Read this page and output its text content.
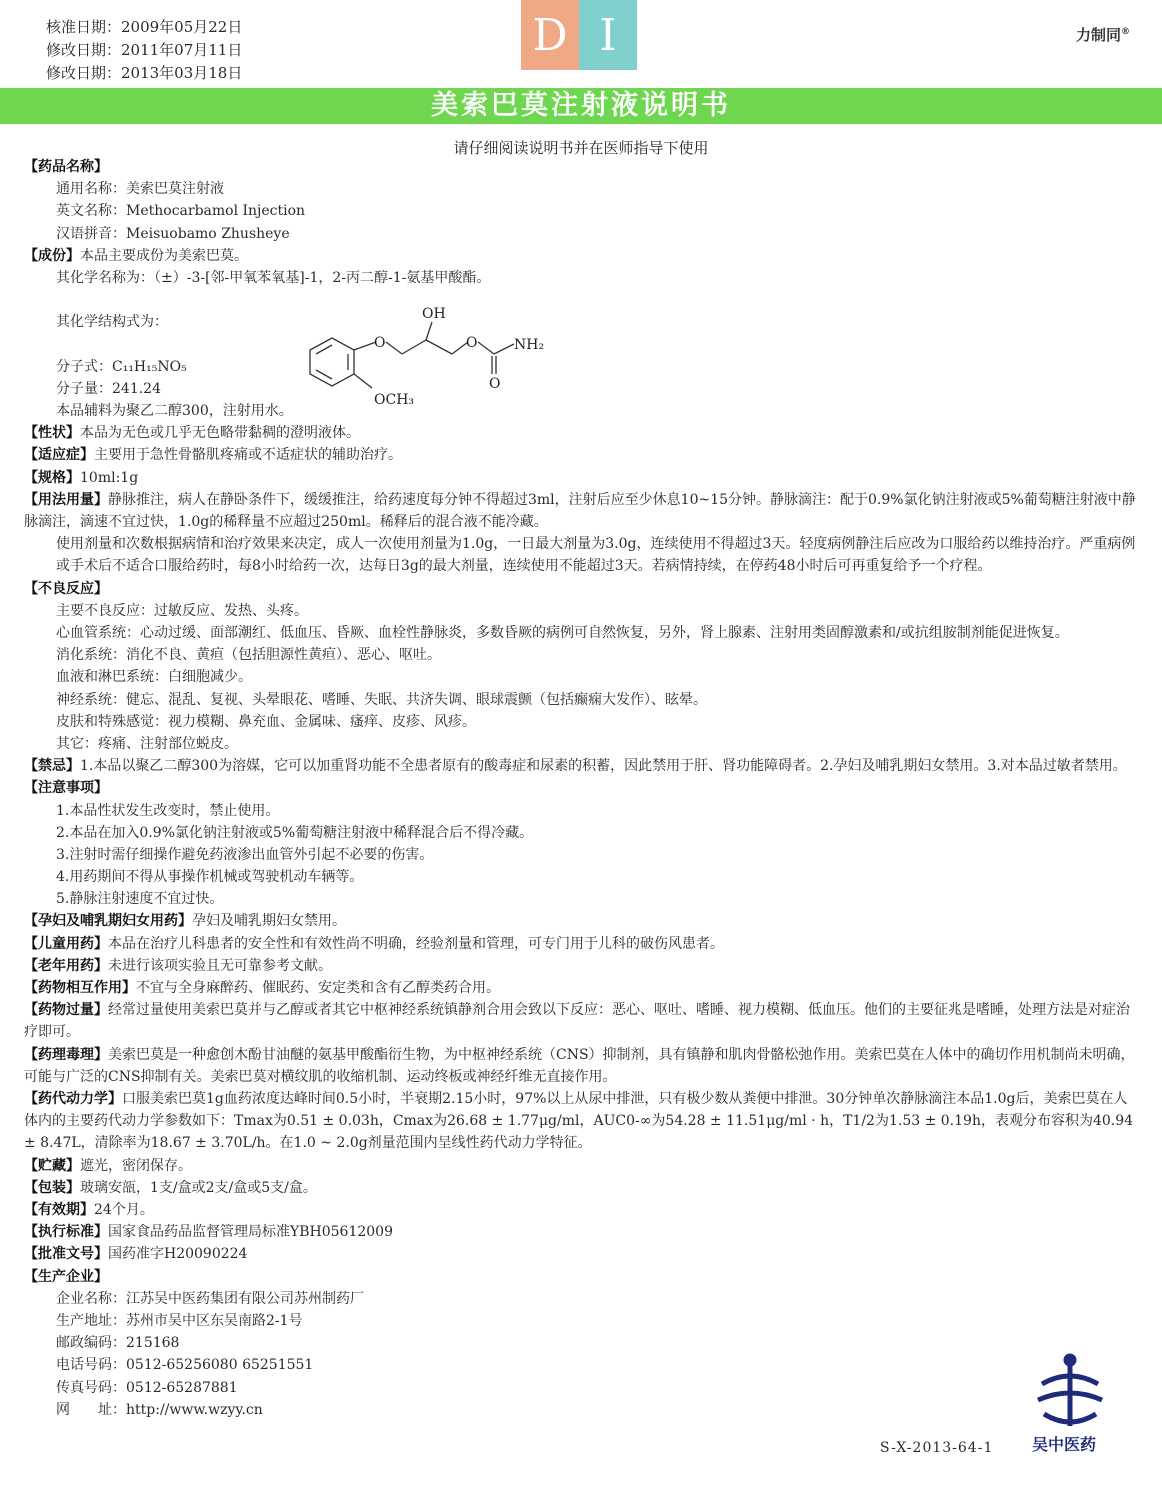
核准日期：2009年05月22日
修改日期：2011年07月11日
修改日期：2013年03月18日
D I	力制同®
美索巴莫注射液说明书
请仔细阅读说明书并在医师指导下使用
【药品名称】
通用名称：美索巴莫注射液
英文名称：Methocarbamol Injection
汉语拼音：Meisuobamo Zhusheye
【成份】本品主要成份为美索巴莫。
其化学名称为：（±）-3-[邻-甲氧苯氧基]-1，2-丙二醇-1-氨基甲酸酯。
其化学结构式为：
分子式：C₁₁H₁₅NO₅
分子量：241.24
本品辅料为聚乙二醇300，注射用水。
【性状】本品为无色或几乎无色略带黏稠的澄明液体。
【适应症】主要用于急性骨骼肌疼痛或不适症状的辅助治疗。
【规格】10ml:1g
【用法用量】静脉推注，病人在静卧条件下，缓缓推注，给药速度每分钟不得超过3ml，注射后应至少休息10~15分钟。静脉滴注：配于0.9%氯化钠注射液或5%葡萄糖注射液中静脉滴注，滴速不宜过快，1.0g的稀释量不应超过250ml。稀释后的混合液不能冷藏。
使用剂量和次数根据病情和治疗效果来决定，成人一次使用剂量为1.0g，一日最大剂量为3.0g，连续使用不得超过3天。轻度病例静注后应改为口服给药以维持治疗。严重病例或手术后不适合口服给药时，每8小时给药一次，达每日3g的最大剂量，连续使用不能超过3天。若病情持续，在停药48小时后可再重复给予一个疗程。
【不良反应】
主要不良反应：过敏反应、发热、头疼。
心血管系统：心动过缓、面部潮红、低血压、昏厥、血栓性静脉炎，多数昏厥的病例可自然恢复，另外，肾上腺素、注射用类固醇激素和/或抗组胺制剂能促进恢复。
消化系统：消化不良、黄疸（包括胆源性黄疸）、恶心、呕吐。
血液和淋巴系统：白细胞减少。
神经系统：健忘、混乱、复视、头晕眼花、嗜睡、失眠、共济失调、眼球震颤（包括癫痫大发作）、眩晕。
皮肤和特殊感觉：视力模糊、鼻充血、金属味、瘙痒、皮疹、风疹。
其它：疼痛、注射部位蜕皮。
【禁忌】1.本品以聚乙二醇300为溶媒，它可以加重肾功能不全患者原有的酸毒症和尿素的积蓄，因此禁用于肝、肾功能障碍者。2.孕妇及哺乳期妇女禁用。3.对本品过敏者禁用。
【注意事项】
1.本品性状发生改变时，禁止使用。
2.本品在加入0.9%氯化钠注射液或5%葡萄糖注射液中稀释混合后不得冷藏。
3.注射时需仔细操作避免药液渗出血管外引起不必要的伤害。
4.用药期间不得从事操作机械或驾驶机动车辆等。
5.静脉注射速度不宜过快。
【孕妇及哺乳期妇女用药】孕妇及哺乳期妇女禁用。
【儿童用药】本品在治疗儿科患者的安全性和有效性尚不明确，经验剂量和管理，可专门用于儿科的破伤风患者。
【老年用药】未进行该项实验且无可靠参考文献。
【药物相互作用】不宜与全身麻醉药、催眠药、安定类和含有乙醇类药合用。
【药物过量】经常过量使用美索巴莫并与乙醇或者其它中枢神经系统镇静剂合用会致以下反应：恶心、呕吐、嗜睡、视力模糊、低血压。他们的主要征兆是嗜睡，处理方法是对症治疗即可。
【药理毒理】美索巴莫是一种愈创木酚甘油醚的氨基甲酸酯衍生物，为中枢神经系统（CNS）抑制剂，具有镇静和肌肉骨骼松弛作用。美索巴莫在人体中的确切作用机制尚未明确，可能与广泛的CNS抑制有关。美索巴莫对横纹肌的收缩机制、运动终板或神经纤维无直接作用。
【药代动力学】口服美索巴莫1g血药浓度达峰时间0.5小时，半衰期2.15小时，97%以上从尿中排泄，只有极少数从粪便中排泄。30分钟单次静脉滴注本品1.0g后，美索巴莫在人体内的主要药代动力学参数如下：Tmax为0.51 ± 0.03h，Cmax为26.68 ± 1.77μg/ml，AUC0-∞为54.28 ± 11.51μg/ml · h，T1/2为1.53 ± 0.19h，表观分布容积为40.94 ± 8.47L，清除率为18.67 ± 3.70L/h。在1.0 ~ 2.0g剂量范围内呈线性药代动力学特征。
【贮藏】遮光，密闭保存。
【包装】玻璃安瓿，1支/盒或2支/盒或5支/盒。
【有效期】24个月。
【执行标准】国家食品药品监督管理局标准YBH05612009
【批准文号】国药准字H20090224
【生产企业】
企业名称：江苏吴中医药集团有限公司苏州制药厂
生产地址：苏州市吴中区东吴南路2-1号
邮政编码：215168
电话号码：0512-65256080 65251551
传真号码：0512-65287881
网　　址：http://www.wzyy.cn
OH
O	O	NH₂
O
OCH₃
S-X-2013-64-1 吴中医药
